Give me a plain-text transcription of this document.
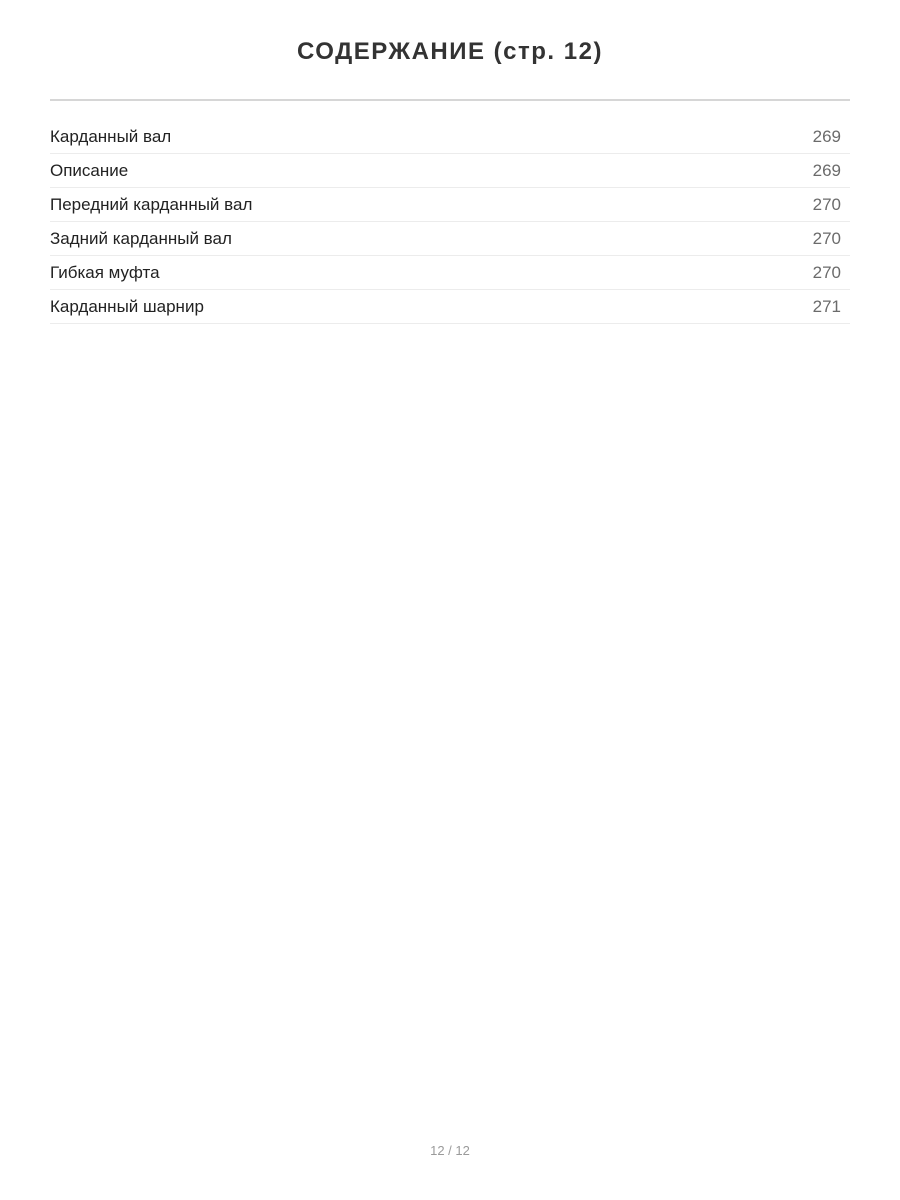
СОДЕРЖАНИЕ (стр. 12)
Карданный вал	269
Описание	269
Передний карданный вал	270
Задний карданный вал	270
Гибкая муфта	270
Карданный шарнир	271
12 / 12
